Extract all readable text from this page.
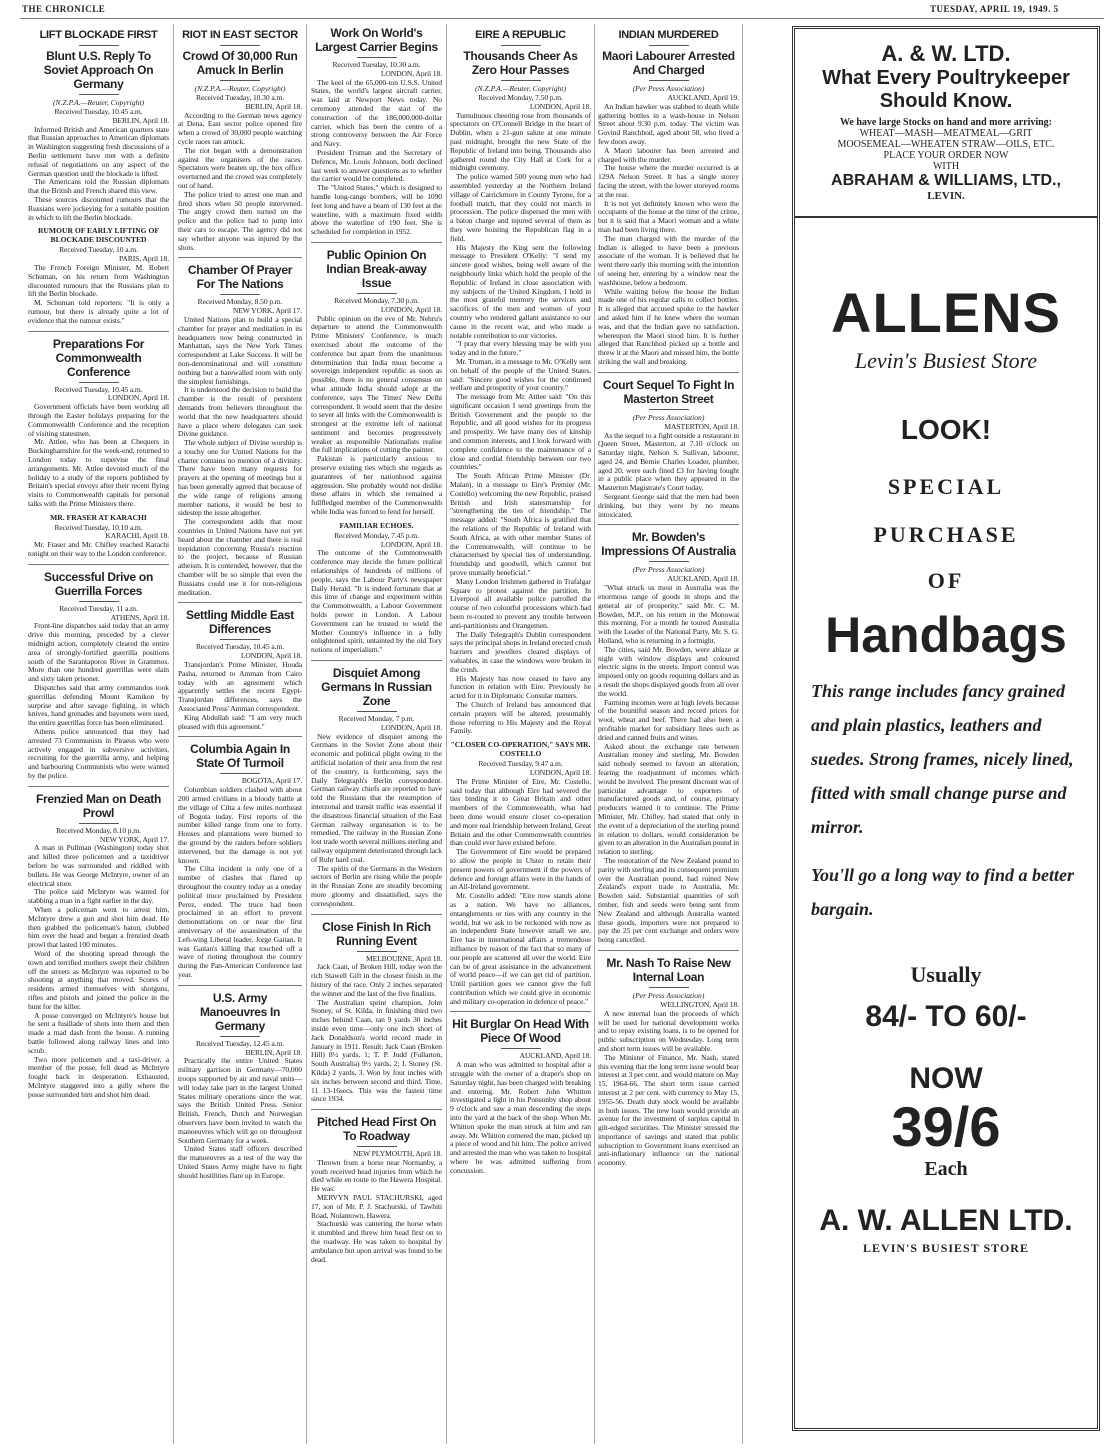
THE CHRONICLE	TUESDAY, APRIL 19, 1949. 5
LIFT BLOCKADE FIRST
Blunt U.S. Reply To Soviet Approach On Germany
(N.Z.P.A.—Reuter, Copyright)
Received Tuesday, 10.45 a.m.
BERLIN, April 18.

Informed British and American quarters state that Russian approaches to American diplomats in Washington suggesting fresh discussions of a Berlin settlement have met with a definite refusal of negotiations on any aspect of the German question until the blockade is lifted.

The Americans told the Russian diplomats that the British and French shared this view.

These sources discounted rumours that the Russians were jockeying for a suitable position in which to lift the Berlin blockade.

RUMOUR OF EARLY LIFTING OF BLOCKADE DISCOUNTED
Received Tuesday, 10 a.m.
PARIS, April 18.

The French Foreign Minister, M. Robert Schuman, on his return from Washington discounted rumours that the Russians plan to lift the Berlin blockade.

M. Schuman told reporters: "It is only a rumour, but there is already quite a lot of evidence that the rumour exists."

Preparations For Commonwealth Conference
Received Tuesday, 10.45 a.m.
LONDON, April 18.

Government officials have been working all through the Easter holidays preparing for the Commonwealth Conference and the reception of visiting statesmen.

Mr. Attlee, who has been at Chequers in Buckinghamshire for the week-end, returned to London today to supervise the final arrangements. Mr. Attlee devoted much of the holiday to a study of the reports published by Britain's special envoys after their recent flying visits to Commonwealth capitals for personal talks with the Prime Ministers there.

MR. FRASER AT KARACHI
Received Tuesday, 10.10 a.m.
KARACHI, April 18.

Mr. Fraser and Mr. Chifley reached Karachi tonight on their way to the London conference.

Successful Drive on Guerrilla Forces
Received Tuesday, 11 a.m.
ATHENS, April 18.

Front-line dispatches said today that an army drive this morning, preceded by a clever midnight action, completely cleared the entire area of strongly-fortified guerrilla positions south of the Sarantaporos River in Grammos. More than one hundred guerrillas were slain and sixty taken prisoner.

Dispatches said that army commandos took guerrillas defending Mount Kamikon by surprise and after savage fighting, in which knives, hand grenades and bayonets were used, the entire guerrillas force has been eliminated.

Athens police announced that they had arrested 73 Communists in Piraeus who were actively engaged in subversive activities, recruiting for the guerrilla army, and helping and harbouring Communists who were wanted by the police.

Frenzied Man on Death Prowl
Received Monday, 8.10 p.m.
NEW YORK, April 17.

A man in Pullman (Washington) today shot and killed three policemen and a taxidriver before he was surrounded and riddled with bullets. He was George McIntyre, owner of an electrical store.

The police said McIntyre was wanted for stabbing a man in a fight earlier in the day.

When a policeman went to arrest him, McIntyre drew a gun and shot him dead. He then grabbed the policeman's baton, clubbed him over the head and began a frenzied death prowl that lasted 100 minutes.

Word of the shooting spread through the town and terrified mothers swept their children off the streets as McIntyre was reported to be shooting at anything that moved. Scores of residents armed themselves with shotguns, rifles and pistols and joined the police in the hunt for the killer.

A posse converged on McIntyre's house but he sent a fusillade of shots into them and then made a mad dash from the house. A running battle followed along railway lines and into scrub.

Two more policemen and a taxi-driver, a member of the posse, fell dead as McIntyre fought back in desperation. Exhausted, McIntyre staggered into a gully where the posse surrounded him and shot him dead.

RIOT IN EAST SECTOR
Crowd Of 30,000 Run Amuck In Berlin
(N.Z.P.A.—Reuter, Copyright)
Received Tuesday, 10.30 a.m.
BERLIN, April 18.

According to the German news agency at Dena, East sector police opened fire when a crowd of 30,000 people watching cycle races ran amuck.

The riot began with a demonstration against the organisers of the races. Spectators were beaten up, the box office overturned and the crowd was completely out of hand.

The police tried to arrest one man and fired shots when 50 people intervened. The angry crowd then turned on the police and the police had to jump into their cars to escape. The agency did not say whether anyone was injured by the shots.

Chamber Of Prayer For The Nations
Received Monday, 8.50 p.m.
NEW YORK, April 17.

United Nations plan to build a special chamber for prayer and meditation in its headquarters now being constructed in Manhattan, says the New York Times correspondent at Lake Success. It will be non-denominational and will constitute nothing but a barewalled room with only the simplest furnishings.

It is understood the decision to build the chamber is the result of persistent demands from believers throughout the world that the new headquarters should have a place where delegates can seek Divine guidance.

The whole subject of Divine worship is a touchy one for United Nations for the charter contains no mention of a divinity. There have been many requests for prayers at the opening of meetings but it has been generally agreed that because of the wide range of religions among member nations, it would be best to sidestep the issue altogether.

The correspondent adds that most countries in United Nations have not yet heard about the chamber and there is real trepidation concerning Russia's reaction to the project, because of Russian atheism. It is contended, however, that the chamber will be so simple that even the Russians could use it for non-religious meditation.

Settling Middle East Differences
Received Tuesday, 10.45 a.m.
LONDON, April 18.

Transjordan's Prime Minister, Houda Pasha, returned to Amman from Cairo today with an agreement which apparently settles the recent Egypt-Transjordan differences, says the Associated Press' Amman correspondent.

King Abdullah said: "I am very much pleased with this agreement."

Columbia Again In State Of Turmoil
BOGOTA, April 17.

Columbian soldiers clashed with about 200 armed civilians in a bloody battle at the village of Cilta a few miles northeast of Bogota today. First reports of the number killed range from one to forty. Houses and plantations were burned to the ground by the raiders before soldiers intervened, but the damage is not yet known.

The Cilta incident is only one of a number of clashes that flared up throughout the country today as a oneday political truce proclaimed by President Perez, ended. The truce had been proclaimed in an effort to prevent demonstrations on or near the first anniversary of the assassination of the Left-wing Liberal leader, Jorge Gaitan. It was Gaitan's killing that touched off a wave of rioting throughout the country during the Pan-American Conference last year.

U.S. Army Manoeuvres In Germany
Received Tuesday, 12.45 a.m.
BERLIN, April 18.

Practically the entire United States military garrison in Germany—70,000 troops supported by air and naval units—will today take part in the largest United States military operations since the war, says the British United Press. Senior British, French, Dutch and Norwegian observers have been invited to watch the manoeuvres which will go on throughout Southern Germany for a week.

United States staff officers described the manoeuvres as a test of the way the United States Army might have to fight should hostilities flare up in Europe.

Work On World's Largest Carrier Begins
Received Tuesday, 10.30 a.m.
LONDON, April 18.

The keel of the 65,000-ton U.S.S. United States, the world's largest aircraft carrier, was laid at Newport News today. No ceremony attended the start of the construction of the 186,000,000-dollar carrier, which has been the centre of a strong controversy between the Air Force and Navy.

President Truman and the Secretary of Defence, Mr. Louis Johnson, both declined last week to answer questions as to whether the carrier would be completed.

The "United States," which is designed to handle long-range bombers, will be 1090 feet long and have a beam of 130 feet at the waterline, with a maximum fixed width above the waterline of 190 feet. She is scheduled for completion in 1952.

Public Opinion On Indian Break-away Issue
Received Monday, 7.30 p.m.
LONDON, April 18.

Public opinion on the eve of Mr. Nehru's departure to attend the Commonwealth Prime Ministers' Conference, is much exercised about the outcome of the conference but apart from the unanimous determination that India must become a sovereign independent republic as soon as possible, there is no general consensus on what attitude India should adopt at the conference, says The Times' New Delhi correspondent. It would seem that the desire to sever all links with the Commonwealth is strongest at the extreme left of national sentiment and becomes progressively weaker as responsible Nationalists realise the full implications of cutting the painter.

Pakistan is particularly anxious to preserve existing ties which she regards as guarantees of her nationhood against aggression. She probably would not dislike these affairs in which she remained a fullfledged member of the Commonwealth while India was forced to fend for herself.

FAMILIAR ECHOES.
Received Monday, 7.45 p.m.
LONDON, April 18.

The outcome of the Commonwealth conference may decide the future political relationships of hundreds of millions of people, says the Labour Party's newspaper Daily Herald. "It is indeed fortunate that at this time of change and experiment within the Commonwealth, a Labour Government holds power in London. A Labour Government can be trusted to wield the Mother Country's influence in a fully enlightened spirit, untainted by the old Tory notions of imperialism."

Disquiet Among Germans In Russian Zone
Received Monday, 7 p.m.
LONDON, April 18.

New evidence of disquiet among the Germans in the Soviet Zone about their economic and political plight owing to the artificial isolation of their area from the rest of the country, is forthcoming, says the Daily Telegraph's Berlin correspondent. German railway chiefs are reported to have told the Russians that the resumption of interzonal and transit traffic was essential if the disastrous financial situation of the East German railway organisation is to be remedied. The railway in the Russian Zone lost trade worth several millions sterling and railway equipment deteriorated through lack of Ruhr hard coal.

The spirits of the Germans in the Western sectors of Berlin are rising while the people in the Russian Zone are steadily becoming more gloomy and dissatisfied, says the correspondent.

Close Finish In Rich Running Event
MELBOURNE, April 18.

Jack Caan, of Broken Hill, today won the rich Stawell Gift in the closest finish in the history of the race. Only 2 inches separated the winner and the last of the five finalists.

The Australian sprint champion, John Stoney, of St. Kilda, in finishing third two inches behind Caan, ran 9 yards 30 inches inside even time—only one inch short of Jack Donaldson's world record made in January in 1911. Result: Jack Caan (Broken Hill) 8½ yards, 1; T. P. Judd (Fullarton, South Australia) 9½ yards, 2; J. Stoney (St. Kilda) 2 yards, 3. Won by four inches with six inches between second and third. Time, 11 13-16secs. This was the fastest time since 1934.

Pitched Head First On To Roadway
NEW PLYMOUTH, April 18.

Thrown from a horse near Normanby, a youth received head injuries from which he died while en route to the Hawera Hospital. He was:

MERVYN PAUL STACHURSKI, aged 17, son of Mr. P. J. Stachurski, of Tawhiti Road, Nolantown, Hawera.

Stachurski was cantering the horse when it stumbled and threw him head first on to the roadway. He was taken to hospital by ambulance but upon arrival was found to be dead.

EIRE A REPUBLIC
Thousands Cheer As Zero Hour Passes
(N.Z.P.A.—Reuter, Copyright)
Received Monday, 7.50 p.m.
LONDON, April 18.

Tumultuous cheering rose from thousands of spectators on O'Connell Bridge in the heart of Dublin, when a 21-gun salute at one minute past midnight, brought the new State of the Republic of Ireland into being. Thousands also gathered round the City Hall at Cork for a midnight ceremony.

The police warned 500 young men who had assembled yesterday at the Northern Ireland village of Carrickmore in County Tyrone, for a football match, that they could not march in procession. The police dispersed the men with a baton charge and injured several of them as they were hoisting the Republican flag in a field.

His Majesty the King sent the following message to President O'Kelly: "I send my sincere good wishes, being well aware of the neighbourly links which hold the people of the Republic of Ireland in close association with my subjects of the United Kingdom, I hold in the most grateful memory the services and sacrifices of the men and women of your country who rendered gallant assistance to our cause in the recent war, and who made a notable contribution to our victories.

"I pray that every blessing may be with you today and in the future."

Mr. Truman, in a message to Mr. O'Kelly sent on behalf of the people of the United States, said: "Sincere good wishes for the continued welfare and prosperity of your country."

The message from Mr. Attlee said: "On this significant occasion I send greetings from the British Government and the people to the Republic, and all good wishes for its progress and prosperity. We have many ties of kinship and common interests, and I look forward with complete confidence to the maintenance of a close and cordial friendship between our two countries."

The South African Prime Minister (Dr. Malan), in a message to Eire's Premier (Mr. Costello) welcoming the new Republic, praised British and Irish statesmanship for "strengthening the ties of friendship." The message added: "South Africa is gratified that the relations of the Republic of Ireland with South Africa, as with other member States of the Commonwealth, will continue to be characterised by special ties of understanding, friendship and goodwill, which cannot but prove mutually beneficial."

Many London Irishmen gathered in Trafalgar Square to protest against the partition. In Liverpool all available police patrolled the course of two colourful processions which had been re-routed to prevent any trouble between anti-partitionists and Orangemen.

The Daily Telegraph's Dublin correspondent says the principal shops in Ireland erected crush barriers and jewellers cleared displays of valuables, in case the windows were broken in the crush.

His Majesty has now ceased to have any function in relation with Eire. Previously he acted for it in Diplomatic Consular matters.

The Church of Ireland has announced that certain prayers will be altered, presumably those referring to His Majesty and the Royal Family.

"CLOSER CO-OPERATION," SAYS MR. COSTELLO
Received Tuesday, 9.47 a.m.
LONDON, April 18.

The Prime Minister of Eire, Mr. Costello, said today that although Eire had severed the ties binding it to Great Britain and other members of the Commonwealth, what had been done would ensure closer co-operation and more real friendship between Ireland, Great Britain and the other Commonwealth countries than could ever have existed before.

The Government of Eire would be prepared to allow the people in Ulster to retain their present powers of government if the powers of defence and foreign affairs were in the hands of an All-Ireland government.

Mr. Costello added: "Eire now stands alone as a nation. We have no alliances, entanglements or ties with any country in the world, but we ask to be reckoned with now as an independent State however small we are. Eire has in international affairs a tremendous influence by reason of the fact that so many of our people are scattered all over the world. Eire can be of great assistance in the advancement of world peace—if we can get rid of partition. Until partition goes we cannot give the full contribution which we could give in economic and military co-operation in defence of peace."

Hit Burglar On Head With Piece Of Wood
AUCKLAND, April 18.

A man who was admitted to hospital after a struggle with the owner of a draper's shop on Saturday night, has been charged with breaking and entering. Mr. Robert John Whitton investigated a light in his Ponsonby shop about 9 o'clock and saw a man descending the steps into the yard at the back of the shop. When Mr. Whitton spoke the man struck at him and ran away. Mr. Whitton cornered the man, picked up a piece of wood and hit him. The police arrived and arrested the man who was taken to hospital where he was admitted suffering from concussion.

INDIAN MURDERED
Maori Labourer Arrested And Charged
(Per Press Association)
AUCKLAND, April 19.

An Indian hawker was stabbed to death while gathering bottles in a wash-house in Nelson Street about 9.30 p.m. today. The victim was Govind Ranchhod, aged about 58, who lived a few doors away.

A Maori labourer has been arrested and charged with the murder.

The house where the murder occurred is at 129A Nelson Street. It has a single storey facing the street, with the lower storeyed rooms at the rear.

It is not yet definitely known who were the occupants of the house at the time of the crime, but it is said that a Maori woman and a white man had been living there.

The man charged with the murder of the Indian is alleged to have been a previous associate of the woman. It is believed that he went there early this morning with the intention of seeing her, entering by a window near the washhouse, below a bedroom.

While waiting below the house the Indian made one of his regular calls to collect bottles. It is alleged that accused spoke to the hawker and asked him if he knew where the woman was, and that the Indian gave no satisfaction, whereupon the Maori stood him. It is further alleged that Ranchhod picked up a bottle and threw it at the Maori and missed him, the bottle striking the wall and breaking.

Court Sequel To Fight In Masterton Street
(Per Press Association)
MASTERTON, April 18.

As the sequel to a fight outside a restaurant in Queen Street, Masterton, at 7.10 o'clock on Saturday night, Nelson S. Sullivan, labourer, aged 24, and Bernie Charles Loader, plumber, aged 20, were each fined £3 for having fought in a public place when they appeared in the Masterton Magistrate's Court today.

Sergeant George said that the men had been drinking, but they were by no means intoxicated.

Mr. Bowden's Impressions Of Australia
(Per Press Association)
AUCKLAND, April 18.

"What struck us most in Australia was the enormous range of goods in shops and the general air of prosperity," said Mr. C. M. Bowden, M.P., on his return in the Monowai this morning. For a month he toured Australia with the Leader of the National Party, Mr. S. G. Holland, who is returning in a fortnight.

The cities, said Mr. Bowden, were ablaze at night with window displays and coloured electric signs in the streets. Import control was imposed only on goods requiring dollars and as a result the shops displayed goods from all over the world.

Farming incomes were at high levels because of the bountiful season and record prices for wool, wheat and beef. There had also been a profitable market for subsidiary lines such as dried and canned fruits and wines.

Asked about the exchange rate between Australian money and sterling, Mr. Bowden said nobody seemed to favour an alteration, fearing the readjustment of incomes which would be involved. The present discount was of particular advantage to exporters of manufactured goods and, of course, primary producers wanted it to continue. The Prime Minister, Mr. Chifley, had stated that only in the event of a depreciation of the sterling pound in relation to dollars, would consideration be given to an alteration in the Australian pound in relation to sterling.

The restoration of the New Zealand pound to parity with sterling and its consequent premium over the Australian pound, had ruined New Zealand's export trade to Australia, Mr. Bowden said. Substantial quantities of soft timber, fish and seeds were being sent from New Zealand and although Australia wanted these goods, importers were not prepared to pay the 25 per cent exchange and orders were being cancelled.

Mr. Nash To Raise New Internal Loan
(Per Press Association)
WELLINGTON, April 18.

A new internal loan the proceeds of which will be used for national development works and to repay existing loans, is to be opened for public subscription on Wednesday. Long term and short term issues will be available.

The Minister of Finance, Mr. Nash, stated this evening that the long term issue would bear interest at 3 per cent. and would mature on May 15, 1964-66. The short term issue carried interest at 2 per cent. with currency to May 15, 1955-56. Death duty stock would be available in both issues. The new loan would provide an avenue for the investment of surplus capital in gilt-edged securities. The Minister stressed the importance of savings and stated that public subscription to Government loans exercised an anti-inflationary influence on the national economy.

A. & W. LTD.
What Every Poultrykeeper Should Know.
We have large Stocks on hand and more arriving:
WHEAT—MASH—MEATMEAL—GRIT
MOOSEMEAL—WHEATEN STRAW—OILS, ETC.
PLACE YOUR ORDER NOW
WITH
ABRAHAM & WILLIAMS, LTD.,
LEVIN.
ALLENS
Levin's Busiest Store
LOOK!
SPECIAL
PURCHASE
OF
Handbags
This range includes fancy grained and plain plastics, leathers and suedes. Strong frames, nicely lined, fitted with small change purse and mirror.
You'll go a long way to find a better bargain.
Usually
84/- TO 60/-
NOW
39/6
Each
A. W. ALLEN LTD.
LEVIN'S BUSIEST STORE
